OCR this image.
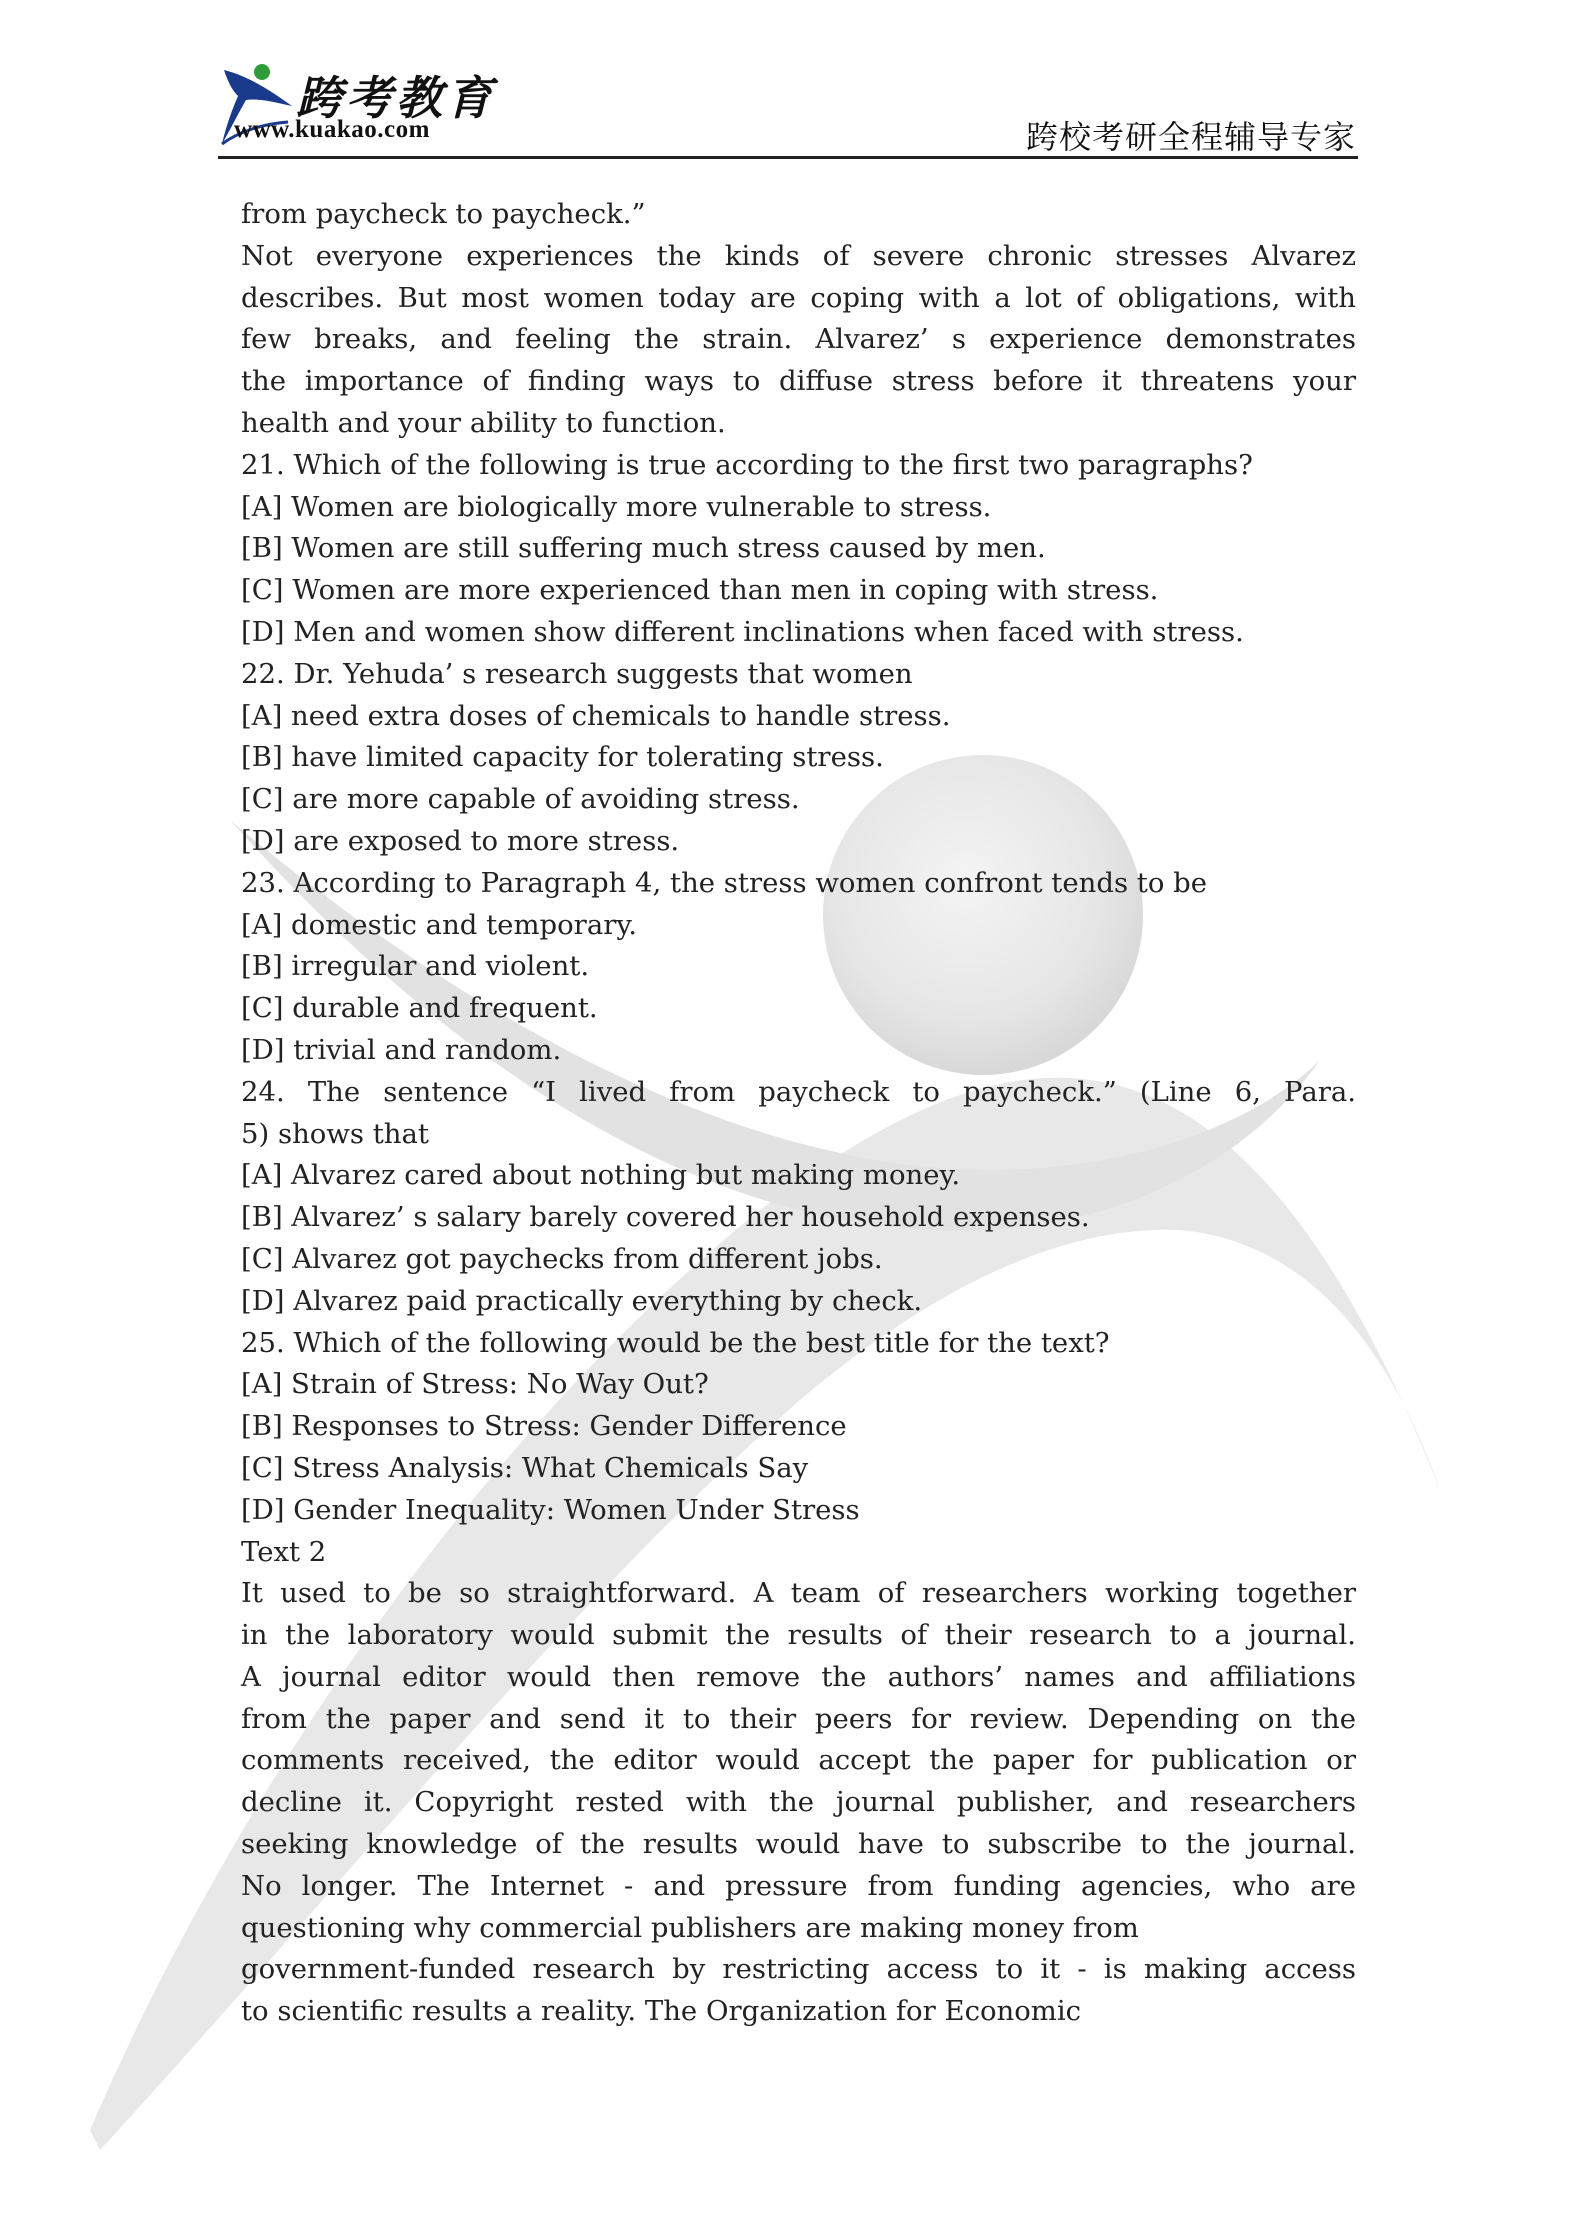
跨考教育
www.kuakao.com	跨校考研全程辅导专家
from paycheck to paycheck.”
Not everyone experiences the kinds of severe chronic stresses Alvarez
describes. But most women today are coping with a lot of obligations, with
few breaks, and feeling the strain. Alvarez’ s experience demonstrates
the importance of finding ways to diffuse stress before it threatens your
health and your ability to function.
21. Which of the following is true according to the first two paragraphs?
[A] Women are biologically more vulnerable to stress.
[B] Women are still suffering much stress caused by men.
[C] Women are more experienced than men in coping with stress.
[D] Men and women show different inclinations when faced with stress.
22. Dr. Yehuda’ s research suggests that women
[A] need extra doses of chemicals to handle stress.
[B] have limited capacity for tolerating stress.
[C] are more capable of avoiding stress.
[D] are exposed to more stress.
23. According to Paragraph 4, the stress women confront tends to be
[A] domestic and temporary.
[B] irregular and violent.
[C] durable and frequent.
[D] trivial and random.
24. The sentence “I lived from paycheck to paycheck.” (Line 6, Para.
5) shows that
[A] Alvarez cared about nothing but making money.
[B] Alvarez’ s salary barely covered her household expenses.
[C] Alvarez got paychecks from different jobs.
[D] Alvarez paid practically everything by check.
25. Which of the following would be the best title for the text?
[A] Strain of Stress: No Way Out?
[B] Responses to Stress: Gender Difference
[C] Stress Analysis: What Chemicals Say
[D] Gender Inequality: Women Under Stress
Text 2
It used to be so straightforward. A team of researchers working together
in the laboratory would submit the results of their research to a journal.
A journal editor would then remove the authors’ names and affiliations
from the paper and send it to their peers for review. Depending on the
comments received, the editor would accept the paper for publication or
decline it. Copyright rested with the journal publisher, and researchers
seeking knowledge of the results would have to subscribe to the journal.
No longer. The Internet - and pressure from funding agencies, who are
questioning why commercial publishers are making money from
government-funded research by restricting access to it - is making access
to scientific results a reality. The Organization for Economic
